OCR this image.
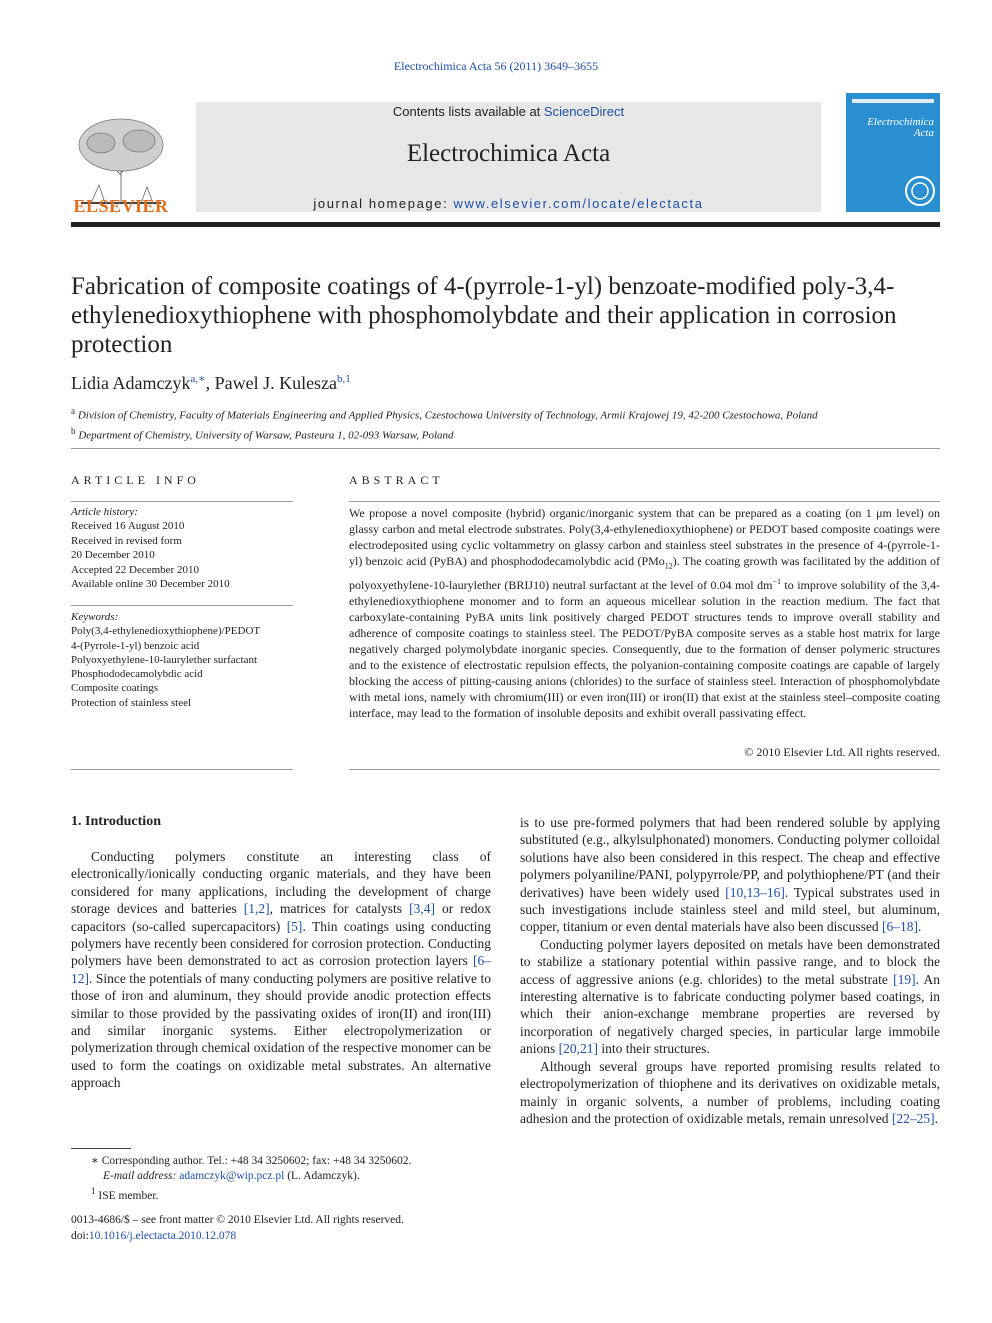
Electrochimica Acta 56 (2011) 3649–3655
ELSEVIER
Contents lists available at ScienceDirect
Electrochimica Acta
journal homepage: www.elsevier.com/locate/electacta
Electrochimica Acta
Fabrication of composite coatings of 4-(pyrrole-1-yl) benzoate-modified poly-3,4-ethylenedioxythiophene with phosphomolybdate and their application in corrosion protection
Lidia Adamczyk$^{a,∗}$, Pawel J. Kulesza$^{b,1}$
$^a$ Division of Chemistry, Faculty of Materials Engineering and Applied Physics, Czestochowa University of Technology, Armii Krajowej 19, 42-200 Czestochowa, Poland
$^b$ Department of Chemistry, University of Warsaw, Pasteura 1, 02-093 Warsaw, Poland
ARTICLE INFO
Article history:
Received 16 August 2010
Received in revised form
20 December 2010
Accepted 22 December 2010
Available online 30 December 2010
Keywords:
Poly(3,4-ethylenedioxythiophene)/PEDOT
4-(Pyrrole-1-yl) benzoic acid
Polyoxyethylene-10-laurylether surfactant
Phosphododecamolybdic acid
Composite coatings
Protection of stainless steel
ABSTRACT
We propose a novel composite (hybrid) organic/inorganic system that can be prepared as a coating (on 1 μm level) on glassy carbon and metal electrode substrates. Poly(3,4-ethylenedioxythiophene) or PEDOT based composite coatings were electrodeposited using cyclic voltammetry on glassy carbon and stainless steel substrates in the presence of 4-(pyrrole-1-yl) benzoic acid (PyBA) and phosphododecamolybdic acid (PMo$_{12}$). The coating growth was facilitated by the addition of polyoxyethylene-10-laurylether (BRIJ10) neutral surfactant at the level of 0.04 mol $dm^{-1}$ to improve solubility of the 3,4-ethylenedioxythiophene monomer and to form an aqueous micellear solution in the reaction medium. The fact that carboxylate-containing PyBA units link positively charged PEDOT structures tends to improve overall stability and adherence of composite coatings to stainless steel. The PEDOT/PyBA composite serves as a stable host matrix for large negatively charged polymolybdate inorganic species. Consequently, due to the formation of denser polymeric structures and to the existence of electrostatic repulsion effects, the polyanion-containing composite coatings are capable of largely blocking the access of pitting-causing anions (chlorides) to the surface of stainless steel. Interaction of phosphomolybdate with metal ions, namely with chromium(III) or even iron(III) or iron(II) that exist at the stainless steel–composite coating interface, may lead to the formation of insoluble deposits and exhibit overall passivating effect.
© 2010 Elsevier Ltd. All rights reserved.
1. Introduction
Conducting polymers constitute an interesting class of electronically/ionically conducting organic materials, and they have been considered for many applications, including the development of charge storage devices and batteries [1,2], matrices for catalysts [3,4] or redox capacitors (so-called supercapacitors) [5]. Thin coatings using conducting polymers have recently been considered for corrosion protection. Conducting polymers have been demonstrated to act as corrosion protection layers [6–12]. Since the potentials of many conducting polymers are positive relative to those of iron and aluminum, they should provide anodic protection effects similar to those provided by the passivating oxides of iron(II) and iron(III) and similar inorganic systems. Either electropolymerization or polymerization through chemical oxidation of the respective monomer can be used to form the coatings on oxidizable metal substrates. An alternative approach

is to use pre-formed polymers that had been rendered soluble by applying substituted (e.g., alkylsulphonated) monomers. Conducting polymer colloidal solutions have also been considered in this respect. The cheap and effective polymers polyaniline/PANI, polypyrrole/PP, and polythiophene/PT (and their derivatives) have been widely used [10,13–16]. Typical substrates used in such investigations include stainless steel and mild steel, but aluminum, copper, titanium or even dental materials have also been discussed [6–18].

Conducting polymer layers deposited on metals have been demonstrated to stabilize a stationary potential within passive range, and to block the access of aggressive anions (e.g. chlorides) to the metal substrate [19]. An interesting alternative is to fabricate conducting polymer based coatings, in which their anion-exchange membrane properties are reversed by incorporation of negatively charged species, in particular large immobile anions [20,21] into their structures.

Although several groups have reported promising results related to electropolymerization of thiophene and its derivatives on oxidizable metals, mainly in organic solvents, a number of problems, including coating adhesion and the protection of oxidizable metals, remain unresolved [22–25].

∗ Corresponding author. Tel.: +48 34 3250602; fax: +48 34 3250602.
E-mail address: adamczyk@wip.pcz.pl (L. Adamczyk).
$^1$ ISE member.
0013-4686/$ – see front matter © 2010 Elsevier Ltd. All rights reserved.
doi:10.1016/j.electacta.2010.12.078
